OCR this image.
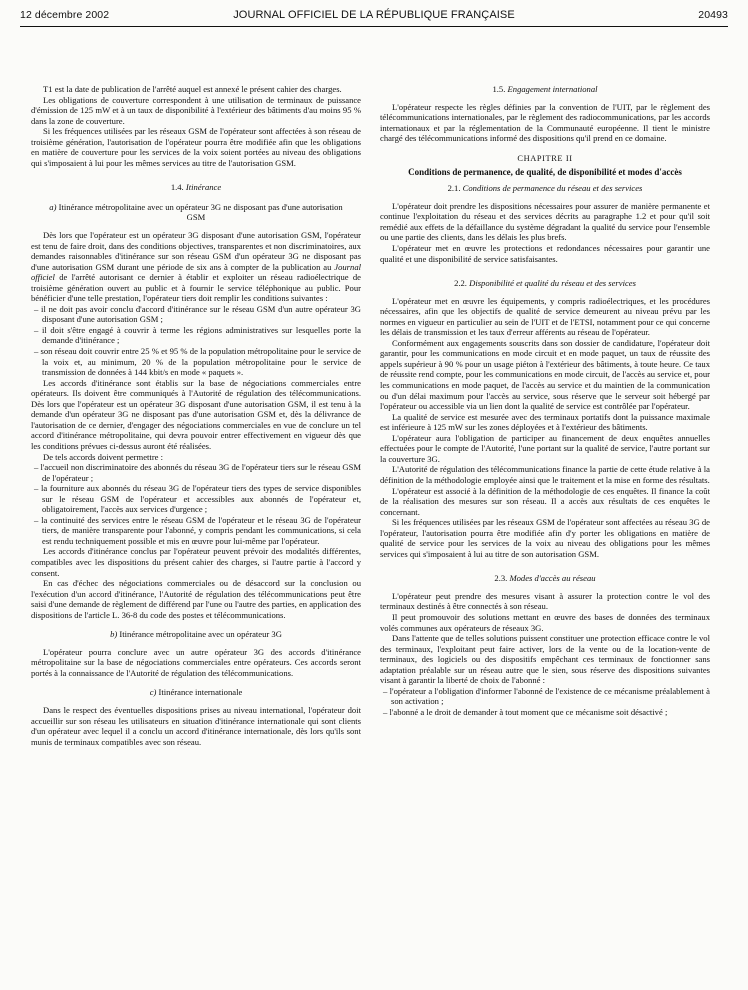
12 décembre 2002	JOURNAL OFFICIEL DE LA RÉPUBLIQUE FRANÇAISE	20493

T1 est la date de publication de l'arrêté auquel est annexé le présent cahier des charges.

Les obligations de couverture correspondent à une utilisation de terminaux de puissance d'émission de 125 mW et à un taux de disponibilité à l'extérieur des bâtiments d'au moins 95 % dans la zone de couverture.

Si les fréquences utilisées par les réseaux GSM de l'opérateur sont affectées à son réseau de troisième génération, l'autorisation de l'opérateur pourra être modifiée afin que les obligations en matière de couverture pour les services de la voix soient portées au niveau des obligations qui s'imposaient à lui pour les mêmes services au titre de l'autorisation GSM.

1.4. Itinérance

a) Itinérance métropolitaine avec un opérateur 3G ne disposant pas d'une autorisation GSM

Dès lors que l'opérateur est un opérateur 3G disposant d'une autorisation GSM, l'opérateur est tenu de faire droit, dans des conditions objectives, transparentes et non discriminatoires, aux demandes raisonnables d'itinérance sur son réseau GSM d'un opérateur 3G ne disposant pas d'une autorisation GSM durant une période de six ans à compter de la publication au Journal officiel de l'arrêté autorisant ce dernier à établir et exploiter un réseau radioélectrique de troisième génération ouvert au public et à fournir le service téléphonique au public. Pour bénéficier d'une telle prestation, l'opérateur tiers doit remplir les conditions suivantes :

– il ne doit pas avoir conclu d'accord d'itinérance sur le réseau GSM d'un autre opérateur 3G disposant d'une autorisation GSM ;

– il doit s'être engagé à couvrir à terme les régions administratives sur lesquelles porte la demande d'itinérance ;

– son réseau doit couvrir entre 25 % et 95 % de la population métropolitaine pour le service de la voix et, au minimum, 20 % de la population métropolitaine pour le service de transmission de données à 144 kbit/s en mode « paquets ».

Les accords d'itinérance sont établis sur la base de négociations commerciales entre opérateurs. Ils doivent être communiqués à l'Autorité de régulation des télécommunications. Dès lors que l'opérateur est un opérateur 3G disposant d'une autorisation GSM, il est tenu à la demande d'un opérateur 3G ne disposant pas d'une autorisation GSM et, dès la délivrance de l'autorisation de ce dernier, d'engager des négociations commerciales en vue de conclure un tel accord d'itinérance métropolitaine, qui devra pouvoir entrer effectivement en vigueur dès que les conditions prévues ci-dessus auront été réalisées.

De tels accords doivent permettre :

– l'accueil non discriminatoire des abonnés du réseau 3G de l'opérateur tiers sur le réseau GSM de l'opérateur ;

– la fourniture aux abonnés du réseau 3G de l'opérateur tiers des types de service disponibles sur le réseau GSM de l'opérateur et accessibles aux abonnés de l'opérateur et, obligatoirement, l'accès aux services d'urgence ;

– la continuité des services entre le réseau GSM de l'opérateur et le réseau 3G de l'opérateur tiers, de manière transparente pour l'abonné, y compris pendant les communications, si cela est rendu techniquement possible et mis en œuvre pour lui-même par l'opérateur.

Les accords d'itinérance conclus par l'opérateur peuvent prévoir des modalités différentes, compatibles avec les dispositions du présent cahier des charges, si l'autre partie à l'accord y consent.

En cas d'échec des négociations commerciales ou de désaccord sur la conclusion ou l'exécution d'un accord d'itinérance, l'Autorité de régulation des télécommunications peut être saisi d'une demande de règlement de différend par l'une ou l'autre des parties, en application des dispositions de l'article L. 36-8 du code des postes et télécommunications.

b) Itinérance métropolitaine avec un opérateur 3G

L'opérateur pourra conclure avec un autre opérateur 3G des accords d'itinérance métropolitaine sur la base de négociations commerciales entre opérateurs. Ces accords seront portés à la connaissance de l'Autorité de régulation des télécommunications.

c) Itinérance internationale

Dans le respect des éventuelles dispositions prises au niveau international, l'opérateur doit accueillir sur son réseau les utilisateurs en situation d'itinérance internationale qui sont clients d'un opérateur avec lequel il a conclu un accord d'itinérance internationale, dès lors qu'ils sont munis de terminaux compatibles avec son réseau.

1.5. Engagement international

L'opérateur respecte les règles définies par la convention de l'UIT, par le règlement des télécommunications internationales, par le règlement des radiocommunications, par les accords internationaux et par la réglementation de la Communauté européenne. Il tient le ministre chargé des télécommunications informé des dispositions qu'il prend en ce domaine.

CHAPITRE II

Conditions de permanence, de qualité, de disponibilité et modes d'accès

2.1. Conditions de permanence du réseau et des services

L'opérateur doit prendre les dispositions nécessaires pour assurer de manière permanente et continue l'exploitation du réseau et des services décrits au paragraphe 1.2 et pour qu'il soit remédié aux effets de la défaillance du système dégradant la qualité du service pour l'ensemble ou une partie des clients, dans les délais les plus brefs.

L'opérateur met en œuvre les protections et redondances nécessaires pour garantir une qualité et une disponibilité de service satisfaisantes.

2.2. Disponibilité et qualité du réseau et des services

L'opérateur met en œuvre les équipements, y compris radioélectriques, et les procédures nécessaires, afin que les objectifs de qualité de service demeurent au niveau prévu par les normes en vigueur en particulier au sein de l'UIT et de l'ETSI, notamment pour ce qui concerne les délais de transmission et les taux d'erreur afférents au réseau de l'opérateur.

Conformément aux engagements souscrits dans son dossier de candidature, l'opérateur doit garantir, pour les communications en mode circuit et en mode paquet, un taux de réussite des appels supérieur à 90 % pour un usage piéton à l'extérieur des bâtiments, à toute heure. Ce taux de réussite rend compte, pour les communications en mode circuit, de l'accès au service et, pour les communications en mode paquet, de l'accès au service et du maintien de la communication ou d'un délai maximum pour l'accès au service, sous réserve que le serveur soit hébergé par l'opérateur ou accessible via un lien dont la qualité de service est contrôlée par l'opérateur.

La qualité de service est mesurée avec des terminaux portatifs dont la puissance maximale est inférieure à 125 mW sur les zones déployées et à l'extérieur des bâtiments.

L'opérateur aura l'obligation de participer au financement de deux enquêtes annuelles effectuées pour le compte de l'Autorité, l'une portant sur la qualité de service, l'autre portant sur la couverture 3G.

L'Autorité de régulation des télécommunications finance la partie de cette étude relative à la définition de la méthodologie employée ainsi que le traitement et la mise en forme des résultats.

L'opérateur est associé à la définition de la méthodologie de ces enquêtes. Il finance la coût de la réalisation des mesures sur son réseau. Il a accès aux résultats de ces enquêtes le concernant.

Si les fréquences utilisées par les réseaux GSM de l'opérateur sont affectées au réseau 3G de l'opérateur, l'autorisation pourra être modifiée afin d'y porter les obligations en matière de qualité de service pour les services de la voix au niveau des obligations pour les mêmes services qui s'imposaient à lui au titre de son autorisation GSM.

2.3. Modes d'accès au réseau

L'opérateur peut prendre des mesures visant à assurer la protection contre le vol des terminaux destinés à être connectés à son réseau.

Il peut promouvoir des solutions mettant en œuvre des bases de données des terminaux volés communes aux opérateurs de réseaux 3G.

Dans l'attente que de telles solutions puissent constituer une protection efficace contre le vol des terminaux, l'exploitant peut faire activer, lors de la vente ou de la location-vente de terminaux, des logiciels ou des dispositifs empêchant ces terminaux de fonctionner sans adaptation préalable sur un réseau autre que le sien, sous réserve des dispositions suivantes visant à garantir la liberté de choix de l'abonné :

– l'opérateur a l'obligation d'informer l'abonné de l'existence de ce mécanisme préalablement à son activation ;

– l'abonné a le droit de demander à tout moment que ce mécanisme soit désactivé ;
